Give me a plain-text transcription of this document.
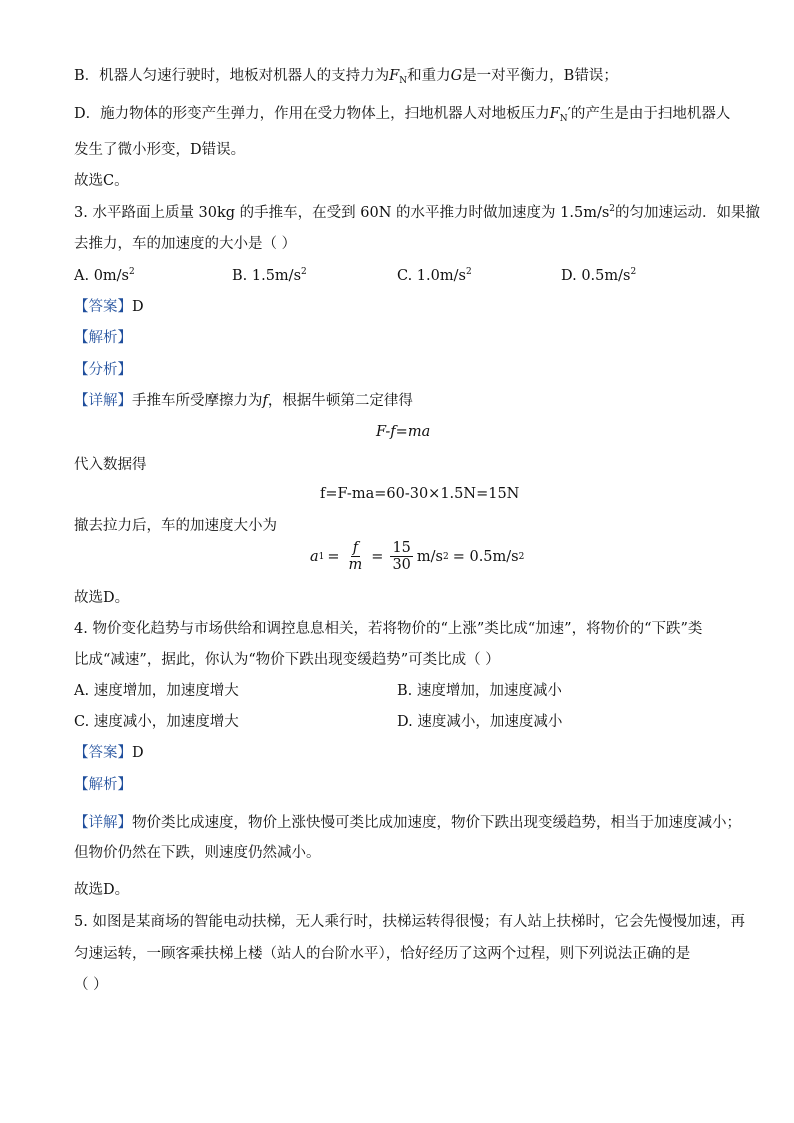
B．机器人匀速行驶时，地板对机器人的支持力为$F_N$和重力G是一对平衡力，B错误；
D．施力物体的形变产生弹力，作用在受力物体上，扫地机器人对地板压力$F_N'$的产生是由于扫地机器人
发生了微小形变，D错误。
故选C。
3. 水平路面上质量 30kg 的手推车，在受到 60N 的水平推力时做加速度为 $1.5m/s^2$的匀加速运动．如果撤
去推力，车的加速度的大小是（ ）
A. $0m/s^2$	B. $1.5m/s^2$	C. $1.0m/s^2$	D. $0.5m/s^2$
【答案】D
【解析】
【分析】
【详解】手推车所受摩擦力为f，根据牛顿第二定律得
F-f=ma
代入数据得
f=F-ma=60-30×1.5N=15N
撤去拉力后，车的加速度大小为
a $1 = \frac{f}{m} = \frac{15}{30} m/s$ 2 = 0.5m/s 2
故选D。
4. 物价变化趋势与市场供给和调控息息相关，若将物价的“上涨”类比成“加速”，将物价的“下跌”类
比成“减速”，据此，你认为“物价下跌出现变缓趋势”可类比成（ ）
A. 速度增加，加速度增大	B. 速度增加，加速度减小
C. 速度减小，加速度增大	D. 速度减小，加速度减小
【答案】D
【解析】
【详解】物价类比成速度，物价上涨快慢可类比成加速度，物价下跌出现变缓趋势，相当于加速度减小；
但物价仍然在下跌，则速度仍然减小。
故选D。
5. 如图是某商场的智能电动扶梯，无人乘行时，扶梯运转得很慢；有人站上扶梯时，它会先慢慢加速，再
匀速运转，一顾客乘扶梯上楼（站人的台阶水平），恰好经历了这两个过程，则下列说法正确的是
（ ）
